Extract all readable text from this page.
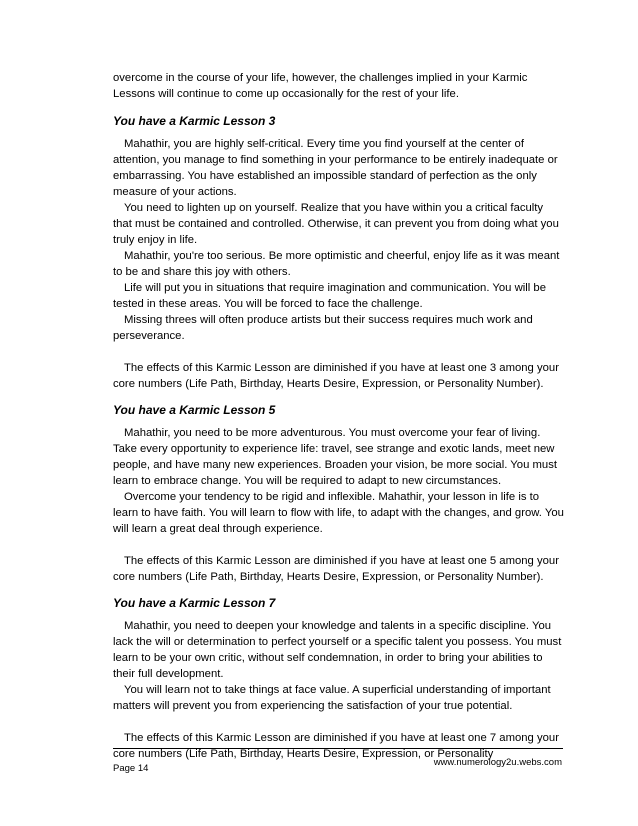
overcome in the course of your life, however, the challenges implied in your Karmic
Lessons will continue to come up occasionally for the rest of your life.

You have a Karmic Lesson 3

Mahathir, you are highly self-critical. Every time you find yourself at the center of attention, you manage to find something in your performance to be entirely inadequate or embarrassing. You have established an impossible standard of perfection as the only measure of your actions.

You need to lighten up on yourself. Realize that you have within you a critical faculty that must be contained and controlled. Otherwise, it can prevent you from doing what you truly enjoy in life.

Mahathir, you're too serious. Be more optimistic and cheerful, enjoy life as it was meant to be and share this joy with others.

Life will put you in situations that require imagination and communication. You will be tested in these areas. You will be forced to face the challenge.

Missing threes will often produce artists but their success requires much work and perseverance.

The effects of this Karmic Lesson are diminished if you have at least one 3 among your core numbers (Life Path, Birthday, Hearts Desire, Expression, or Personality Number).

You have a Karmic Lesson 5

Mahathir, you need to be more adventurous. You must overcome your fear of living. Take every opportunity to experience life: travel, see strange and exotic lands, meet new people, and have many new experiences. Broaden your vision, be more social. You must learn to embrace change. You will be required to adapt to new circumstances.

Overcome your tendency to be rigid and inflexible. Mahathir, your lesson in life is to learn to have faith. You will learn to flow with life, to adapt with the changes, and grow. You will learn a great deal through experience.

The effects of this Karmic Lesson are diminished if you have at least one 5 among your core numbers (Life Path, Birthday, Hearts Desire, Expression, or Personality Number).

You have a Karmic Lesson 7

Mahathir, you need to deepen your knowledge and talents in a specific discipline. You lack the will or determination to perfect yourself or a specific talent you possess. You must learn to be your own critic, without self condemnation, in order to bring your abilities to their full development.

You will learn not to take things at face value. A superficial understanding of important matters will prevent you from experiencing the satisfaction of your true potential.

The effects of this Karmic Lesson are diminished if you have at least one 7 among your core numbers (Life Path, Birthday, Hearts Desire, Expression, or Personality

Page 14
www.numerology2u.webs.com
